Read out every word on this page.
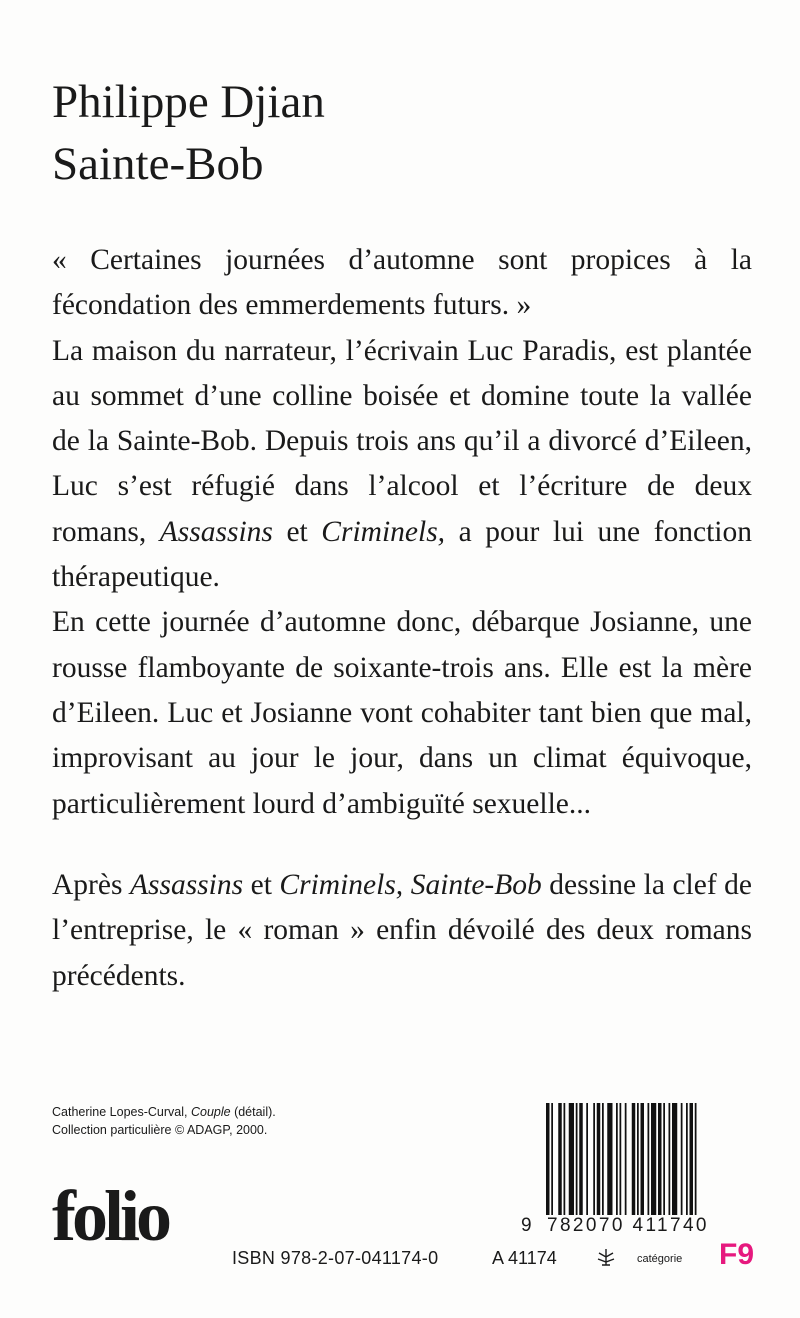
Philippe Djian
Sainte-Bob

« Certaines journées d’automne sont propices à la fécondation des emmerdements futurs. »

La maison du narrateur, l’écrivain Luc Paradis, est plantée au sommet d’une colline boisée et domine toute la vallée de la Sainte-Bob. Depuis trois ans qu’il a divorcé d’Eileen, Luc s’est réfugié dans l’alcool et l’écriture de deux romans, Assassins et Criminels, a pour lui une fonction thérapeutique.

En cette journée d’automne donc, débarque Josianne, une rousse flamboyante de soixante-trois ans. Elle est la mère d’Eileen. Luc et Josianne vont cohabiter tant bien que mal, improvisant au jour le jour, dans un climat équivoque, particulièrement lourd d’ambiguïté sexuelle...

Après Assassins et Criminels, Sainte-Bob dessine la clef de l’entreprise, le « roman » enfin dévoilé des deux romans précédents.
Catherine Lopes-Curval, Couple (détail).
Collection particulière © ADAGP, 2000.
folio	9 782070 411740
ISBN 978-2-07-041174-0	A 41174	catégorie F9
